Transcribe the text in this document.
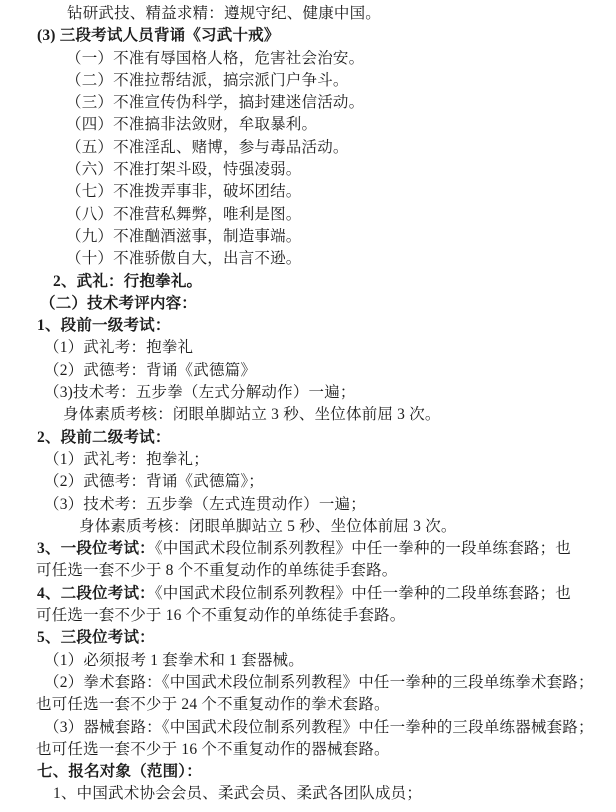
钻研武技、精益求精：遵规守纪、健康中国。
(3) 三段考试人员背诵《习武十戒》
（一）不准有辱国格人格，危害社会治安。
（二）不准拉帮结派，搞宗派门户争斗。
（三）不准宣传伪科学，搞封建迷信活动。
（四）不准搞非法敛财，牟取暴利。
（五）不准淫乱、赌博，参与毒品活动。
（六）不准打架斗殴，恃强凌弱。
（七）不准拨弄事非，破坏团结。
（八）不准营私舞弊，唯利是图。
（九）不准酗酒滋事，制造事端。
（十）不准骄傲自大，出言不逊。
2、武礼：行抱拳礼。
（二）技术考评内容：
1、段前一级考试：
（1）武礼考：抱拳礼
（2）武德考：背诵《武德篇》
（3)技术考：五步拳（左式分解动作）一遍；
身体素质考核：闭眼单脚站立 3 秒、坐位体前屈 3 次。
2、段前二级考试：
（1）武礼考：抱拳礼；
（2）武德考：背诵《武德篇》；
（3）技术考：五步拳（左式连贯动作）一遍；
身体素质考核：闭眼单脚站立 5 秒、坐位体前屈 3 次。
3、一段位考试：《中国武术段位制系列教程》中任一拳种的一段单练套路；也
可任选一套不少于 8 个不重复动作的单练徒手套路。
4、二段位考试：《中国武术段位制系列教程》中任一拳种的二段单练套路；也
可任选一套不少于 16 个不重复动作的单练徒手套路。
5、三段位考试：
（1）必须报考 1 套拳术和 1 套器械。
（2）拳术套路：《中国武术段位制系列教程》中任一拳种的三段单练拳术套路；
也可任选一套不少于 24 个不重复动作的拳术套路。
（3）器械套路：《中国武术段位制系列教程》中任一拳种的三段单练器械套路；
也可任选一套不少于 16 个不重复动作的器械套路。
七、报名对象（范围）：
1、中国武术协会会员、柔武会员、柔武各团队成员；
